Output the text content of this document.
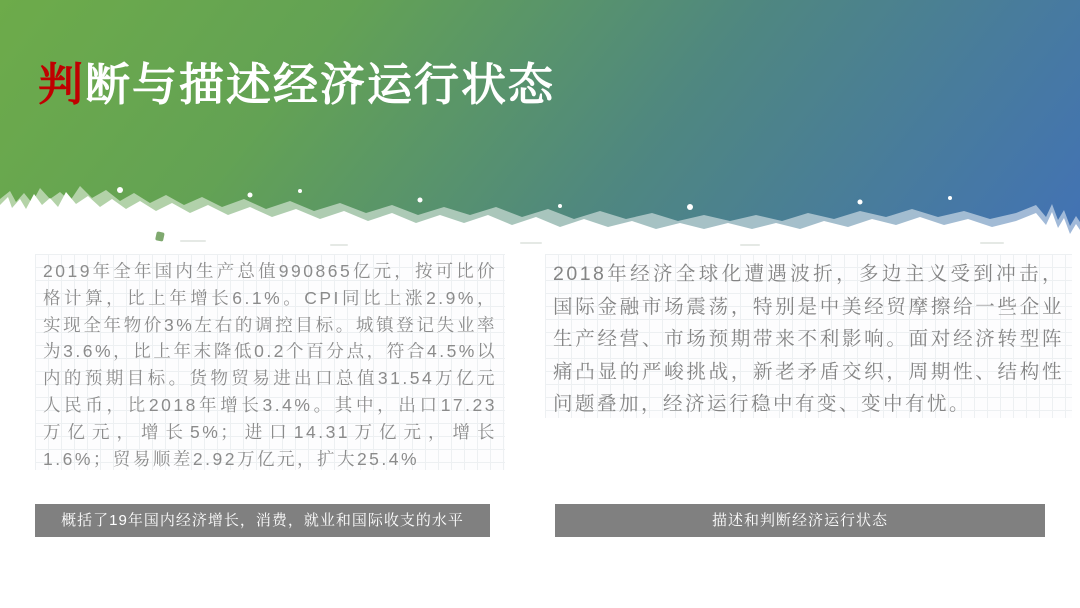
判断与描述经济运行状态
2019年全年国内生产总值990865亿元，按可比价格计算，比上年增长6.1%。CPI同比上涨2.9%，实现全年物价3%左右的调控目标。城镇登记失业率为3.6%，比上年末降低0.2个百分点，符合4.5%以内的预期目标。货物贸易进出口总值31.54万亿元人民币，比2018年增长3.4%。其中，出口17.23万亿元，增长5%；进口14.31万亿元，增长1.6%；贸易顺差2.92万亿元，扩大25.4%
2018年经济全球化遭遇波折，多边主义受到冲击，国际金融市场震荡，特别是中美经贸摩擦给一些企业生产经营、市场预期带来不利影响。面对经济转型阵痛凸显的严峻挑战，新老矛盾交织，周期性、结构性问题叠加，经济运行稳中有变、变中有忧。
概括了19年国内经济增长，消费，就业和国际收支的水平	描述和判断经济运行状态
